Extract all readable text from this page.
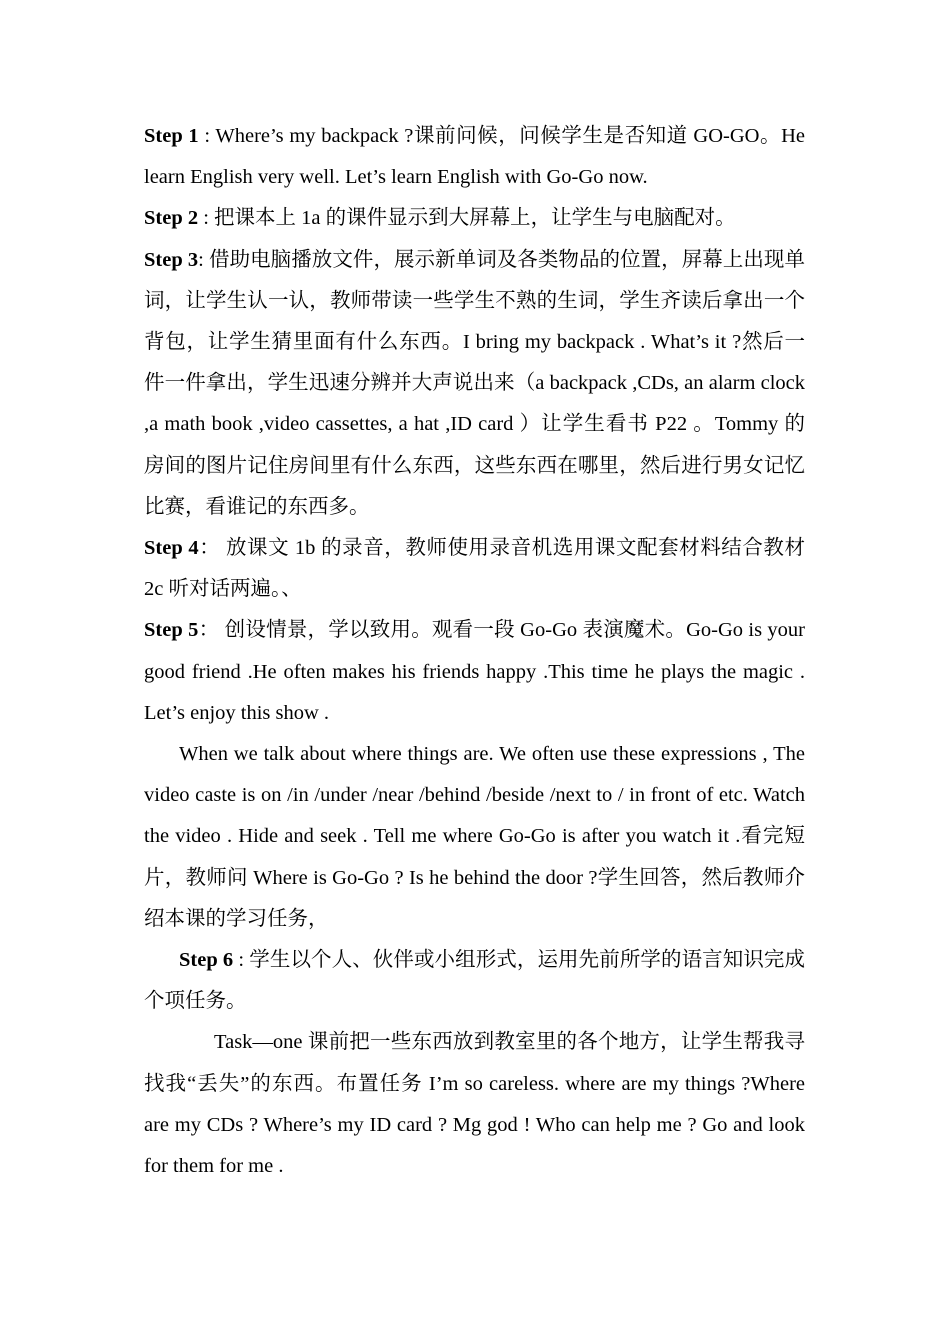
Step 1 : Where’s my backpack ?课前问候，问候学生是否知道 GO-GO。He learn English very well. Let’s learn English with Go-Go now.

Step 2 : 把课本上 1a 的课件显示到大屏幕上，让学生与电脑配对。

Step 3: 借助电脑播放文件，展示新单词及各类物品的位置，屏幕上出现单词，让学生认一认，教师带读一些学生不熟的生词，学生齐读后拿出一个背包，让学生猜里面有什么东西。I bring my backpack . What’s it ?然后一件一件拿出，学生迅速分辨并大声说出来（a backpack ,CDs, an alarm clock ,a math book ,video cassettes, a hat ,ID card ）让学生看书 P22 。Tommy 的房间的图片记住房间里有什么东西，这些东西在哪里，然后进行男女记忆比赛，看谁记的东西多。

Step 4： 放课文 1b 的录音，教师使用录音机选用课文配套材料结合教材 2c 听对话两遍。、

Step 5： 创设情景，学以致用。观看一段 Go-Go 表演魔术。Go-Go is your good friend .He often makes his friends happy .This time he plays the magic . Let’s enjoy this show .

When we talk about where things are. We often use these expressions , The video caste is on /in /under /near /behind /beside /next to / in front of etc. Watch the video . Hide and seek . Tell me where Go-Go is after you watch it .看完短片，教师问 Where is Go-Go ? Is he behind the door ?学生回答，然后教师介绍本课的学习任务，

Step 6 : 学生以个人、伙伴或小组形式，运用先前所学的语言知识完成个项任务。

Task—one 课前把一些东西放到教室里的各个地方，让学生帮我寻找我“丢失”的东西。布置任务 I’m so careless. where are my things ?Where are my CDs ? Where’s my ID card ? Mg god ! Who can help me ? Go and look for them for me .
